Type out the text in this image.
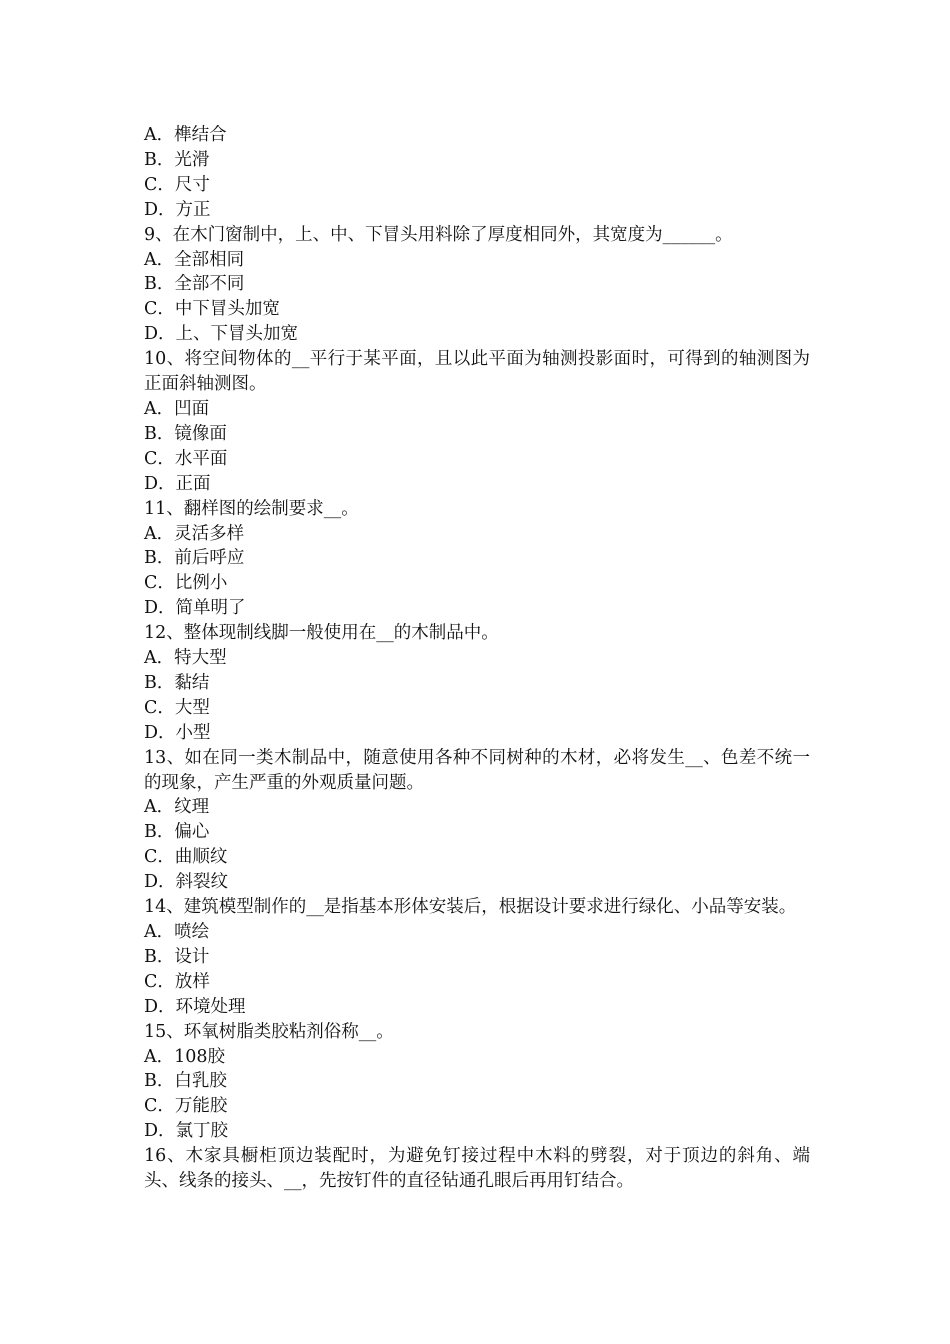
A．榫结合

B．光滑

C．尺寸

D．方正

9、在木门窗制中，上、中、下冒头用料除了厚度相同外，其宽度为______。

A．全部相同

B．全部不同

C．中下冒头加宽

D．上、下冒头加宽

10、将空间物体的__平行于某平面，且以此平面为轴测投影面时，可得到的轴测图为正面斜轴测图。

A．凹面

B．镜像面

C．水平面

D．正面

11、翻样图的绘制要求__。

A．灵活多样

B．前后呼应

C．比例小

D．简单明了

12、整体现制线脚一般使用在__的木制品中。

A．特大型

B．黏结

C．大型

D．小型

13、如在同一类木制品中，随意使用各种不同树种的木材，必将发生__、色差不统一的现象，产生严重的外观质量问题。

A．纹理

B．偏心

C．曲顺纹

D．斜裂纹

14、建筑模型制作的__是指基本形体安装后，根据设计要求进行绿化、小品等安装。

A．喷绘

B．设计

C．放样

D．环境处理

15、环氧树脂类胶粘剂俗称__。

A．108胶

B．白乳胶

C．万能胶

D．氯丁胶

16、木家具橱柜顶边装配时，为避免钉接过程中木料的劈裂，对于顶边的斜角、端头、线条的接头、__，先按钉件的直径钻通孔眼后再用钉结合。
